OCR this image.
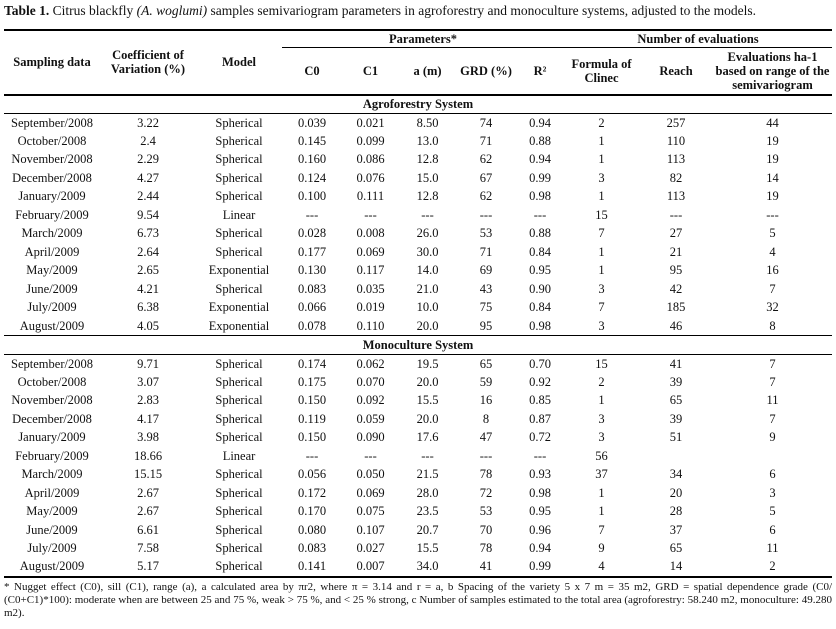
Table 1. Citrus blackfly (A. woglumi) samples semivariogram parameters in agroforestry and monoculture systems, adjusted to the models.
Sampling data	Coefficient of Variation (%)	Model	Parameters*					Number of evaluations		
			C0	C1	a (m)	GRD (%)	R²	Formula of Clinec	Reach	Evaluations ha-1 based on range of the semivariogram
Agroforestry System										
September/2008	3.22	Spherical	0.039	0.021	8.50	74	0.94	2	257	44
October/2008	2.4	Spherical	0.145	0.099	13.0	71	0.88	1	110	19
November/2008	2.29	Spherical	0.160	0.086	12.8	62	0.94	1	113	19
December/2008	4.27	Spherical	0.124	0.076	15.0	67	0.99	3	82	14
January/2009	2.44	Spherical	0.100	0.111	12.8	62	0.98	1	113	19
February/2009	9.54	Linear	---	---	---	---	---	15	---	---
March/2009	6.73	Spherical	0.028	0.008	26.0	53	0.88	7	27	5
April/2009	2.64	Spherical	0.177	0.069	30.0	71	0.84	1	21	4
May/2009	2.65	Exponential	0.130	0.117	14.0	69	0.95	1	95	16
June/2009	4.21	Spherical	0.083	0.035	21.0	43	0.90	3	42	7
July/2009	6.38	Exponential	0.066	0.019	10.0	75	0.84	7	185	32
August/2009	4.05	Exponential	0.078	0.110	20.0	95	0.98	3	46	8
Monoculture System										
September/2008	9.71	Spherical	0.174	0.062	19.5	65	0.70	15	41	7
October/2008	3.07	Spherical	0.175	0.070	20.0	59	0.92	2	39	7
November/2008	2.83	Spherical	0.150	0.092	15.5	16	0.85	1	65	11
December/2008	4.17	Spherical	0.119	0.059	20.0	8	0.87	3	39	7
January/2009	3.98	Spherical	0.150	0.090	17.6	47	0.72	3	51	9
February/2009	18.66	Linear	---	---	---	---	---	56		
March/2009	15.15	Spherical	0.056	0.050	21.5	78	0.93	37	34	6
April/2009	2.67	Spherical	0.172	0.069	28.0	72	0.98	1	20	3
May/2009	2.67	Spherical	0.170	0.075	23.5	53	0.95	1	28	5
June/2009	6.61	Spherical	0.080	0.107	20.7	70	0.96	7	37	6
July/2009	7.58	Spherical	0.083	0.027	15.5	78	0.94	9	65	11
August/2009	5.17	Spherical	0.141	0.007	34.0	41	0.99	4	14	2
* Nugget effect (C0), sill (C1), range (a), a calculated area by πr2, where π = 3.14 and r = a, b Spacing of the variety 5 x 7 m = 35 m2, GRD = spatial dependence grade (C0/ (C0+C1)*100): moderate when are between 25 and 75 %, weak > 75 %, and < 25 % strong, c Number of samples estimated to the total area (agroforestry: 58.240 m2, monoculture: 49.280 m2).
